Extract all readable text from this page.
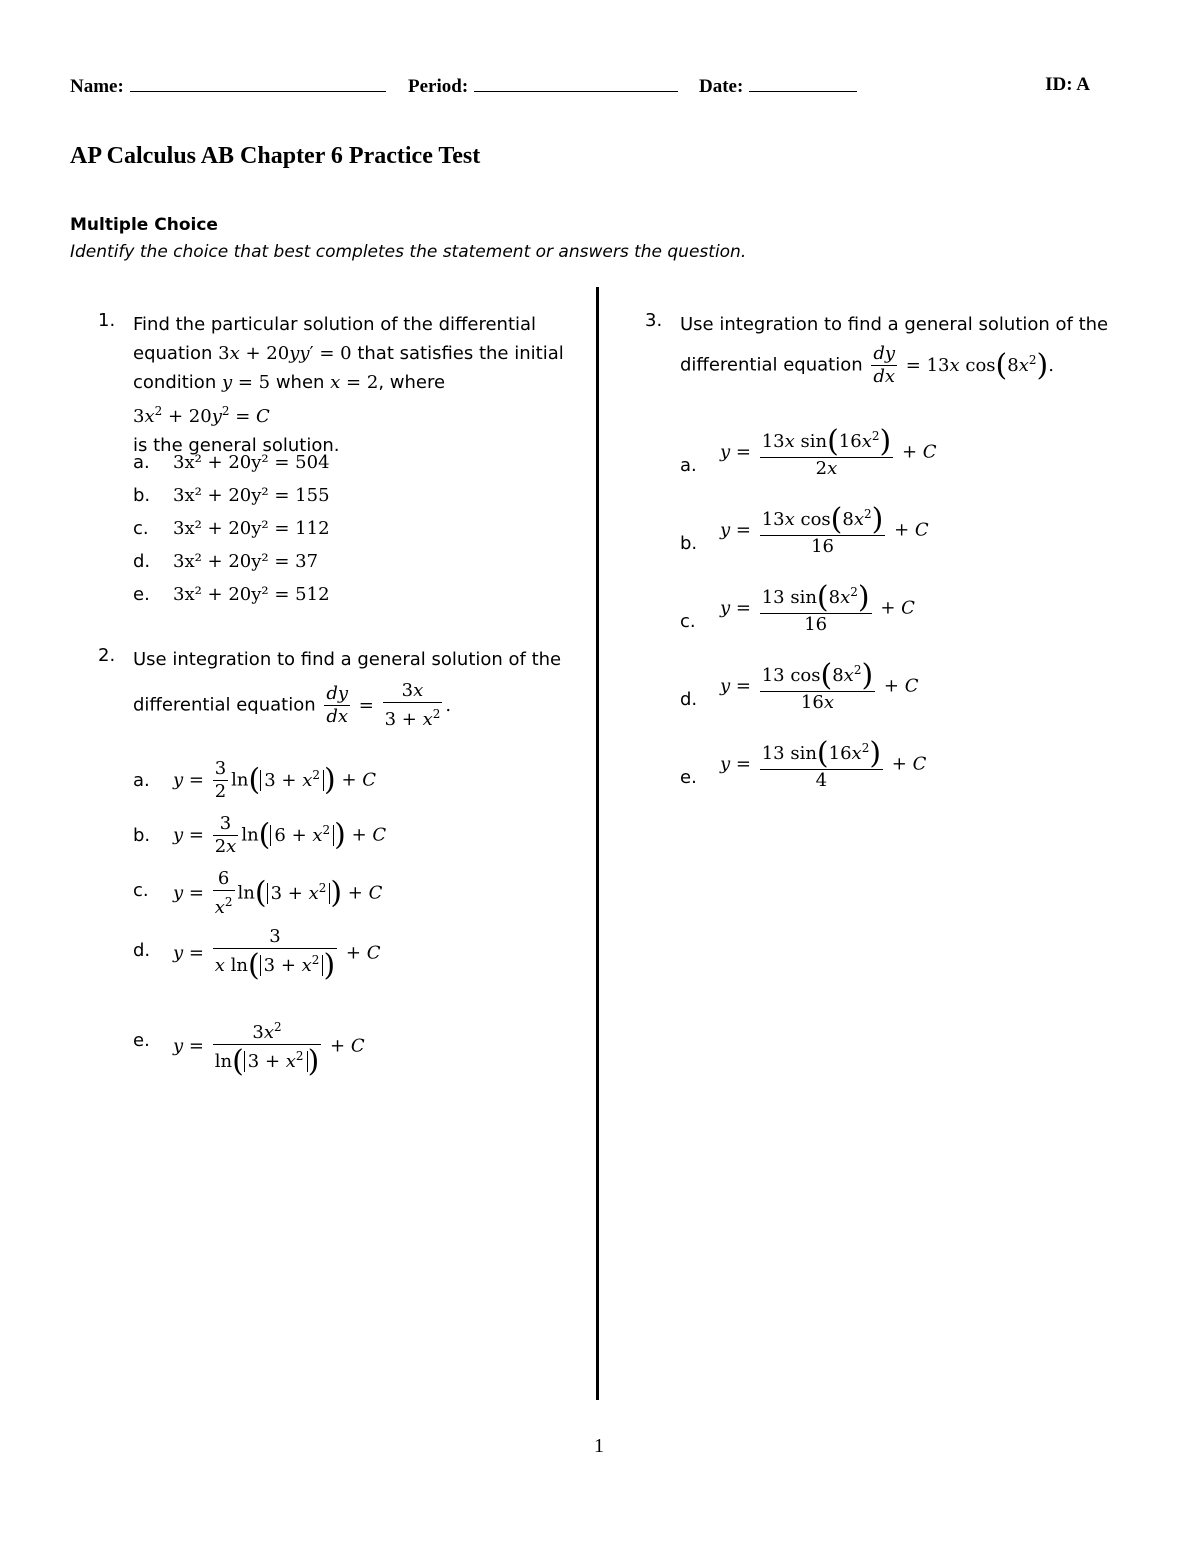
Name:	Period:	Date:	ID: A
AP Calculus AB Chapter 6 Practice Test
Multiple Choice
Identify the choice that best completes the statement or answers the question.
1. Find the particular solution of the differential
equation 3x + 20yy′ = 0 that satisfies the initial
condition y = 5 when x = 2, where $3x^2 + 20y^2 = C$
is the general solution.
a. 3x² + 20y² = 504
b. 3x² + 20y² = 155
c. 3x² + 20y² = 112
d. 3x² + 20y² = 37
e. 3x² + 20y² = 512
2. Use integration to find a general solution of the
differential equation $\frac{dy}{dx} = \frac{3x}{3 + x^2}$ .
a. $y = \frac{3}{2} \ln$( $3 + x^2$ ) + C
b. $y = \frac{3}{2x} \ln$( $6 + x^2$ ) + C
c. $y = \frac{6}{x^2} \ln$( $3 + x^2$ ) + C
d. $y = \frac{3}{x \ln( 3 + x^2 )} + C$
e. $y = \frac{3x^2}{\ln( 3 + x^2 )} + C$
3. Use integration to find a general solution of the
differential equation $\frac{dy}{dx} = 13x$ $\cos(8x^2)$.
a.
$y = \frac{13x \sin(16x^2)}{2x} + C$
b.
$y = \frac{13x \cos(8x^2)}{16} + C$
c.
$y = \frac{13 \sin(8x^2)}{16} + C$
d.
$y = \frac{13 \cos(8x^2)}{16x} + C$
e.
$y = \frac{13 \sin(16x^2)}{4} + C$
1
